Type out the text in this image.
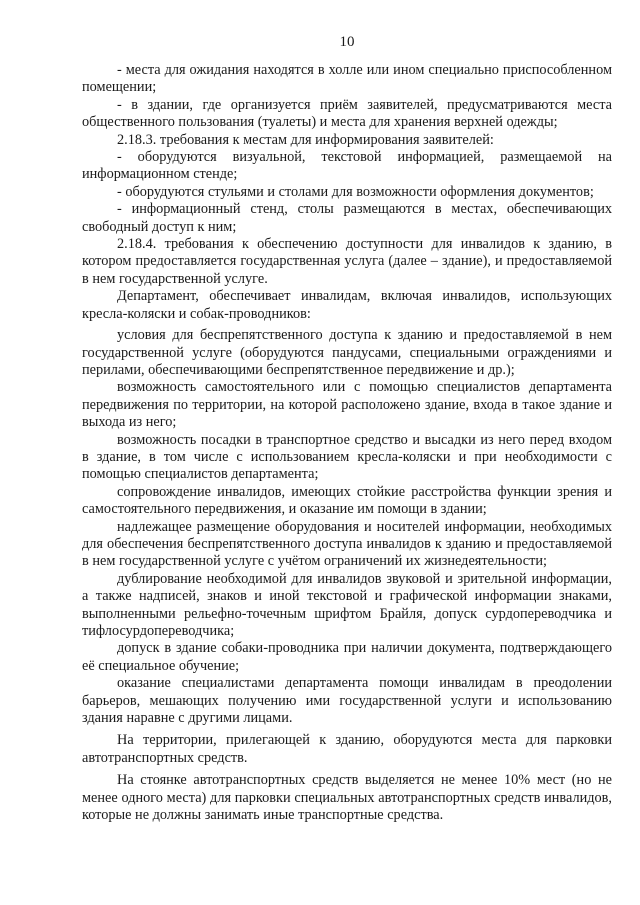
10

- места для ожидания находятся в холле или ином специально приспособленном помещении;

- в здании, где организуется приём заявителей, предусматриваются места общественного пользования (туалеты) и места для хранения верхней одежды;

2.18.3. требования к местам для информирования заявителей:

- оборудуются визуальной, текстовой информацией, размещаемой на информационном стенде;

- оборудуются стульями и столами для возможности оформления документов;

- информационный стенд, столы размещаются в местах, обеспечивающих свободный доступ к ним;

2.18.4. требования к обеспечению доступности для инвалидов к зданию, в котором предоставляется государственная услуга (далее – здание), и предоставляемой в нем государственной услуге.

Департамент, обеспечивает инвалидам, включая инвалидов, использующих кресла-коляски и собак-проводников:

условия для беспрепятственного доступа к зданию и предоставляемой в нем государственной услуге (оборудуются пандусами, специальными ограждениями и перилами, обеспечивающими беспрепятственное передвижение и др.);

возможность самостоятельного или с помощью специалистов департамента передвижения по территории, на которой расположено здание, входа в такое здание и выхода из него;

возможность посадки в транспортное средство и высадки из него перед входом в здание, в том числе с использованием кресла-коляски и при необходимости с помощью специалистов департамента;

сопровождение инвалидов, имеющих стойкие расстройства функции зрения и самостоятельного передвижения, и оказание им помощи в здании;

надлежащее размещение оборудования и носителей информации, необходимых для обеспечения беспрепятственного доступа инвалидов к зданию и предоставляемой в нем государственной услуге с учётом ограничений их жизнедеятельности;

дублирование необходимой для инвалидов звуковой и зрительной информации, а также надписей, знаков и иной текстовой и графической информации знаками, выполненными рельефно-точечным шрифтом Брайля, допуск сурдопереводчика и тифлосурдопереводчика;

допуск в здание собаки-проводника при наличии документа, подтверждающего её специальное обучение;

оказание специалистами департамента помощи инвалидам в преодолении барьеров, мешающих получению ими государственной услуги и использованию здания наравне с другими лицами.

На территории, прилегающей к зданию, оборудуются места для парковки автотранспортных средств.

На стоянке автотранспортных средств выделяется не менее 10% мест (но не менее одного места) для парковки специальных автотранспортных средств инвалидов, которые не должны занимать иные транспортные средства.
